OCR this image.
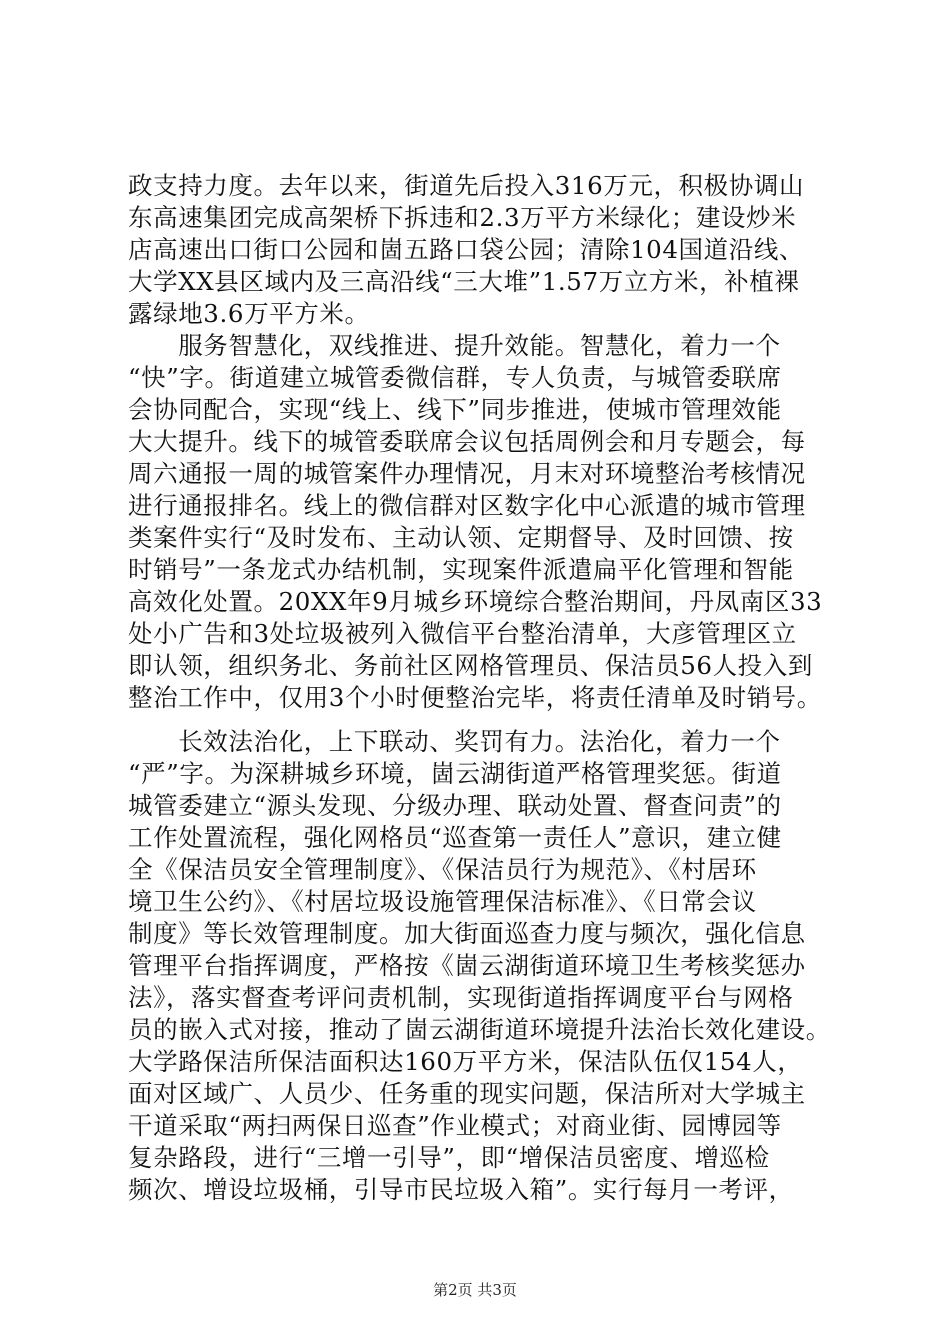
政支持力度。去年以来，街道先后投入316万元，积极协调山
东高速集团完成高架桥下拆违和2.3万平方米绿化；建设炒米
店高速出口街口公园和崮五路口袋公园；清除104国道沿线、
大学XX县区域内及三高沿线“三大堆”1.57万立方米，补植裸
露绿地3.6万平方米。
　　服务智慧化，双线推进、提升效能。智慧化，着力一个
“快”字。街道建立城管委微信群，专人负责，与城管委联席
会协同配合，实现“线上、线下”同步推进，使城市管理效能
大大提升。线下的城管委联席会议包括周例会和月专题会，每
周六通报一周的城管案件办理情况，月末对环境整治考核情况
进行通报排名。线上的微信群对区数字化中心派遣的城市管理
类案件实行“及时发布、主动认领、定期督导、及时回馈、按
时销号”一条龙式办结机制，实现案件派遣扁平化管理和智能
高效化处置。20XX年9月城乡环境综合整治期间，丹凤南区33
处小广告和3处垃圾被列入微信平台整治清单，大彦管理区立
即认领，组织务北、务前社区网格管理员、保洁员56人投入到
整治工作中，仅用3个小时便整治完毕，将责任清单及时销号。
　　长效法治化，上下联动、奖罚有力。法治化，着力一个
“严”字。为深耕城乡环境，崮云湖街道严格管理奖惩。街道
城管委建立“源头发现、分级办理、联动处置、督查问责”的
工作处置流程，强化网格员“巡查第一责任人”意识，建立健
全《保洁员安全管理制度》、《保洁员行为规范》、《村居环
境卫生公约》、《村居垃圾设施管理保洁标准》、《日常会议
制度》等长效管理制度。加大街面巡查力度与频次，强化信息
管理平台指挥调度，严格按《崮云湖街道环境卫生考核奖惩办
法》，落实督查考评问责机制，实现街道指挥调度平台与网格
员的嵌入式对接，推动了崮云湖街道环境提升法治长效化建设。
大学路保洁所保洁面积达160万平方米，保洁队伍仅154人，
面对区域广、人员少、任务重的现实问题，保洁所对大学城主
干道采取“两扫两保日巡查”作业模式；对商业街、园博园等
复杂路段，进行“三增一引导”，即“增保洁员密度、增巡检
频次、增设垃圾桶，引导市民垃圾入箱”。实行每月一考评，
第2页 共3页
